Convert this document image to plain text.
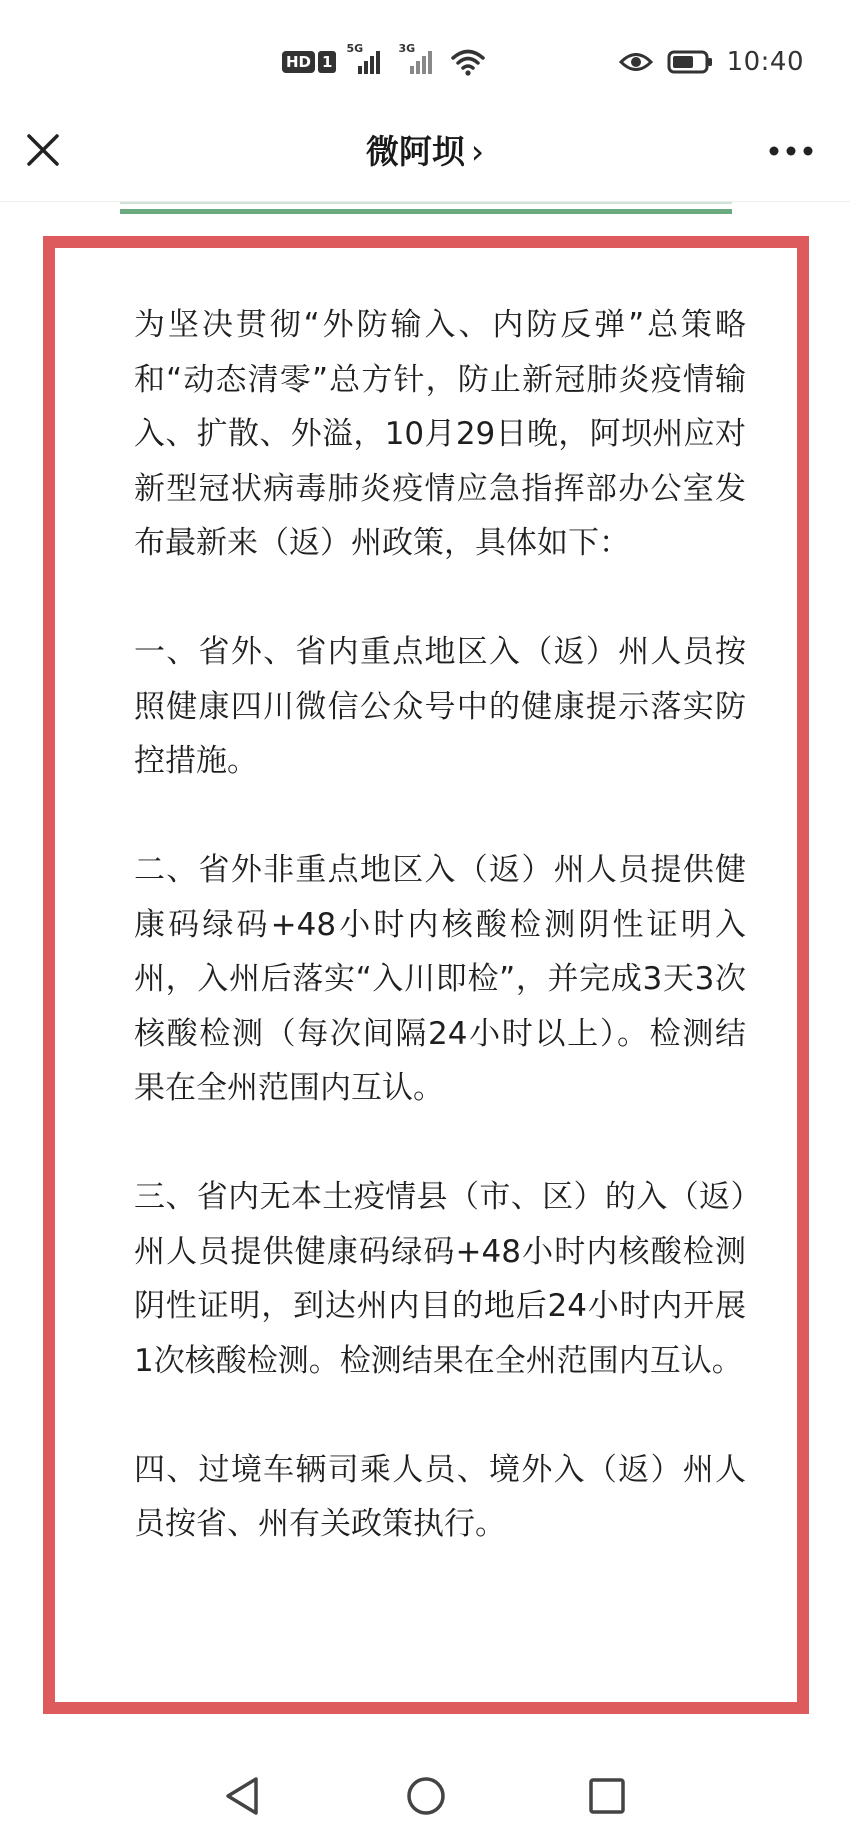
HD 1
5G	3G	10:40
微阿坝 ›

为坚决贯彻“外防输入、内防反弹”总策略和“动态清零”总方针，防止新冠肺炎疫情输入、扩散、外溢，10月29日晚，阿坝州应对新型冠状病毒肺炎疫情应急指挥部办公室发布最新来（返）州政策，具体如下：

一、省外、省内重点地区入（返）州人员按照健康四川微信公众号中的健康提示落实防控措施。

二、省外非重点地区入（返）州人员提供健康码绿码+48小时内核酸检测阴性证明入州，入州后落实“入川即检”，并完成3天3次核酸检测（每次间隔24小时以上）。检测结果在全州范围内互认。

三、省内无本土疫情县（市、区）的入（返）州人员提供健康码绿码+48小时内核酸检测阴性证明，到达州内目的地后24小时内开展1次核酸检测。检测结果在全州范围内互认。

四、过境车辆司乘人员、境外入（返）州人员按省、州有关政策执行。
